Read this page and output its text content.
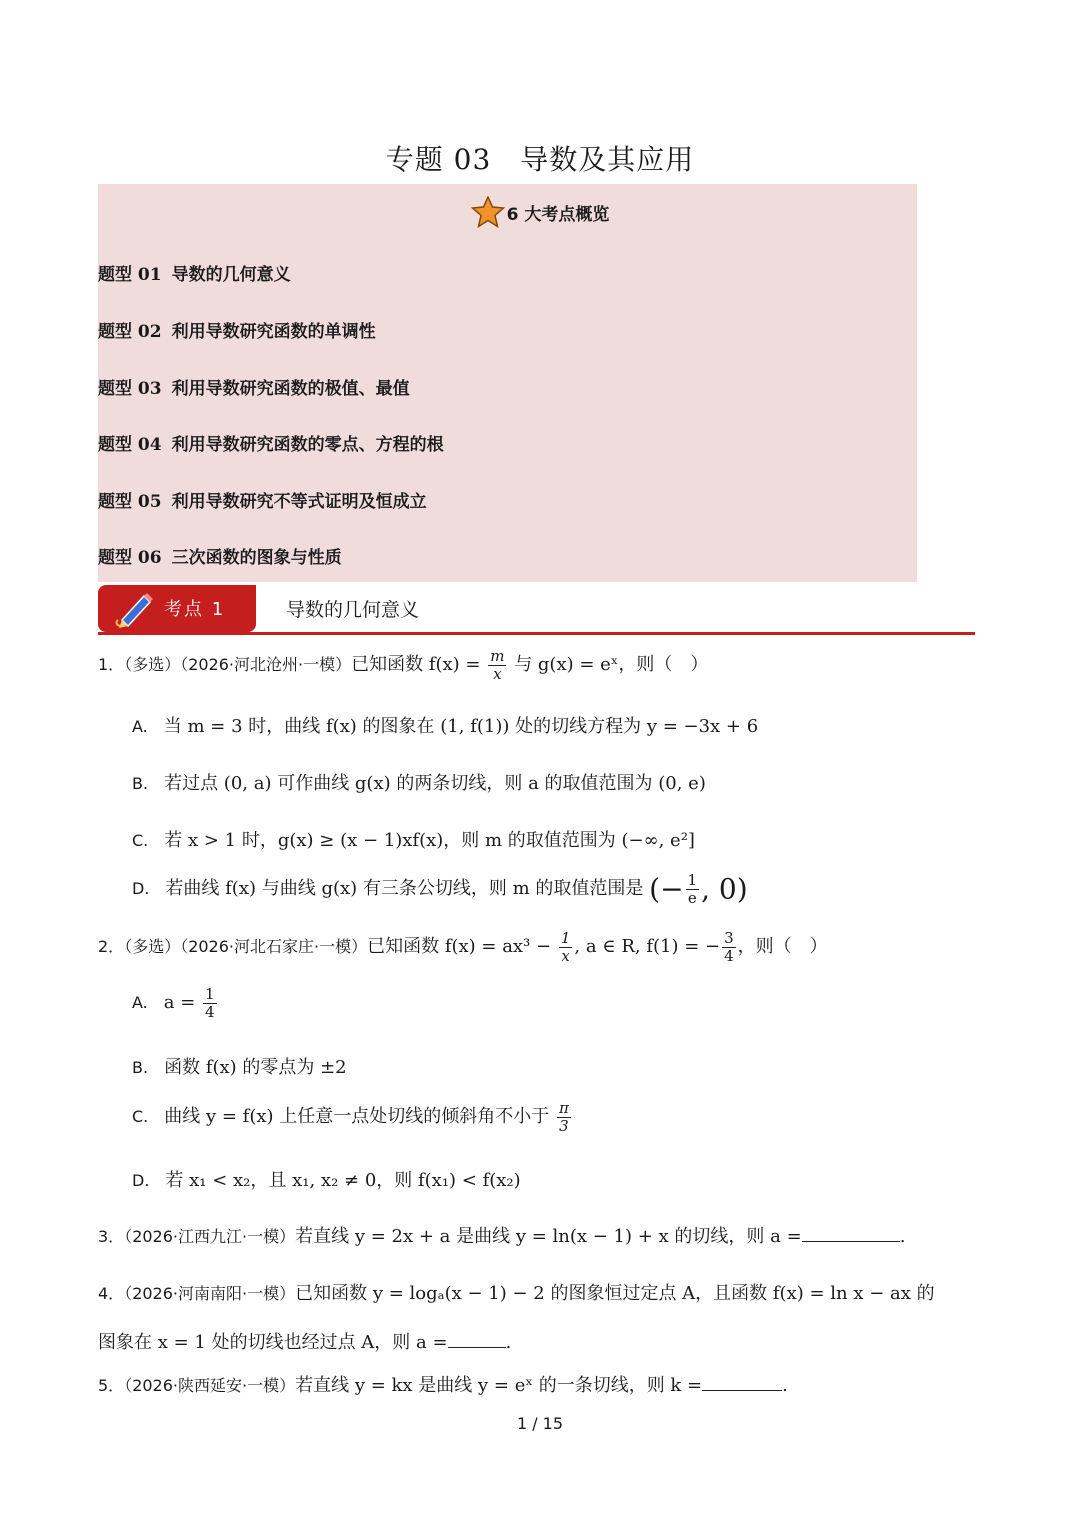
专题 03　导数及其应用
6 大考点概览
题型 01 导数的几何意义
题型 02 利用导数研究函数的单调性
题型 03 利用导数研究函数的极值、最值
题型 04 利用导数研究函数的零点、方程的根
题型 05 利用导数研究不等式证明及恒成立
题型 06 三次函数的图象与性质
考点 1	导数的几何意义
1．（多选）（2026·河北沧州·一模）已知函数 $f(x) = \frac{m}{x}$ 与 g(x) = eˣ，则（　）
A.　当 m = 3 时，曲线 f(x) 的图象在 (1, f(1)) 处的切线方程为 y = −3x + 6
B.　若过点 (0, a) 可作曲线 g(x) 的两条切线，则 a 的取值范围为 (0, e)
C.　若 x > 1 时，g(x) ≥ (x − 1)xf(x)，则 m 的取值范围为 (−∞, e²]
D.　若曲线 f(x) 与曲线 g(x) 有三条公切线，则 m 的取值范围是 (− $\frac{1}{e}$ , 0)
2．（多选）（2026·河北石家庄·一模）已知函数 $f(x) = ax^3 - \frac{1}{x}$ , a ∈ R, f(1) = − $\frac{3}{4}$ ，则（　）
A.　$a = \frac{1}{4}$
B.　函数 f(x) 的零点为 ±2
C.　曲线 y = f(x) 上任意一点处切线的倾斜角不小于 $\frac{\pi}{3}$
D.　若 x₁ < x₂，且 x₁, x₂ ≠ 0，则 f(x₁) < f(x₂)
3．（2026·江西九江·一模）若直线 y = 2x + a 是曲线 y = ln(x − 1) + x 的切线，则 a =	.
4．（2026·河南南阳·一模）已知函数 y = logₐ(x − 1) − 2 的图象恒过定点 A，且函数 f(x) = ln x − ax 的
图象在 x = 1 处的切线也经过点 A，则 a =	.
5．（2026·陕西延安·一模）若直线 y = kx 是曲线 y = eˣ 的一条切线，则 k =	.
1 / 15
